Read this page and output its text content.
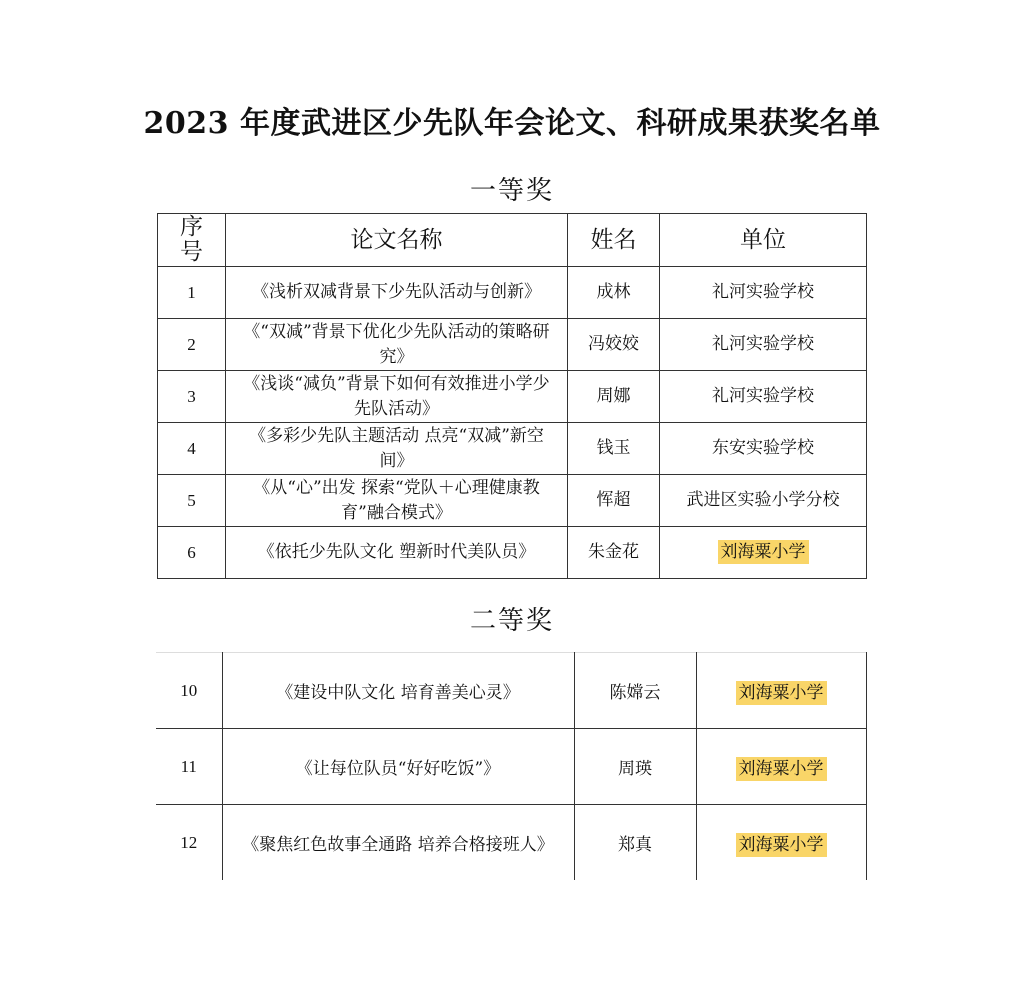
2023 年度武进区少先队年会论文、科研成果获奖名单
一等奖
序号	论文名称	姓名	单位
1	《浅析双减背景下少先队活动与创新》	成林	礼河实验学校
2	《“双减”背景下优化少先队活动的策略研究》	冯姣姣	礼河实验学校
3	《浅谈“减负”背景下如何有效推进小学少先队活动》	周娜	礼河实验学校
4	《多彩少先队主题活动 点亮“双减”新空间》	钱玉	东安实验学校
5	《从“心”出发 探索“党队＋心理健康教育”融合模式》	恽超	武进区实验小学分校
6	《依托少先队文化 塑新时代美队员》	朱金花	刘海粟小学
二等奖
10	《建设中队文化 培育善美心灵》	陈嫦云	刘海粟小学
11	《让每位队员“好好吃饭”》	周瑛	刘海粟小学
12	《聚焦红色故事全通路 培养合格接班人》	郑真	刘海粟小学
